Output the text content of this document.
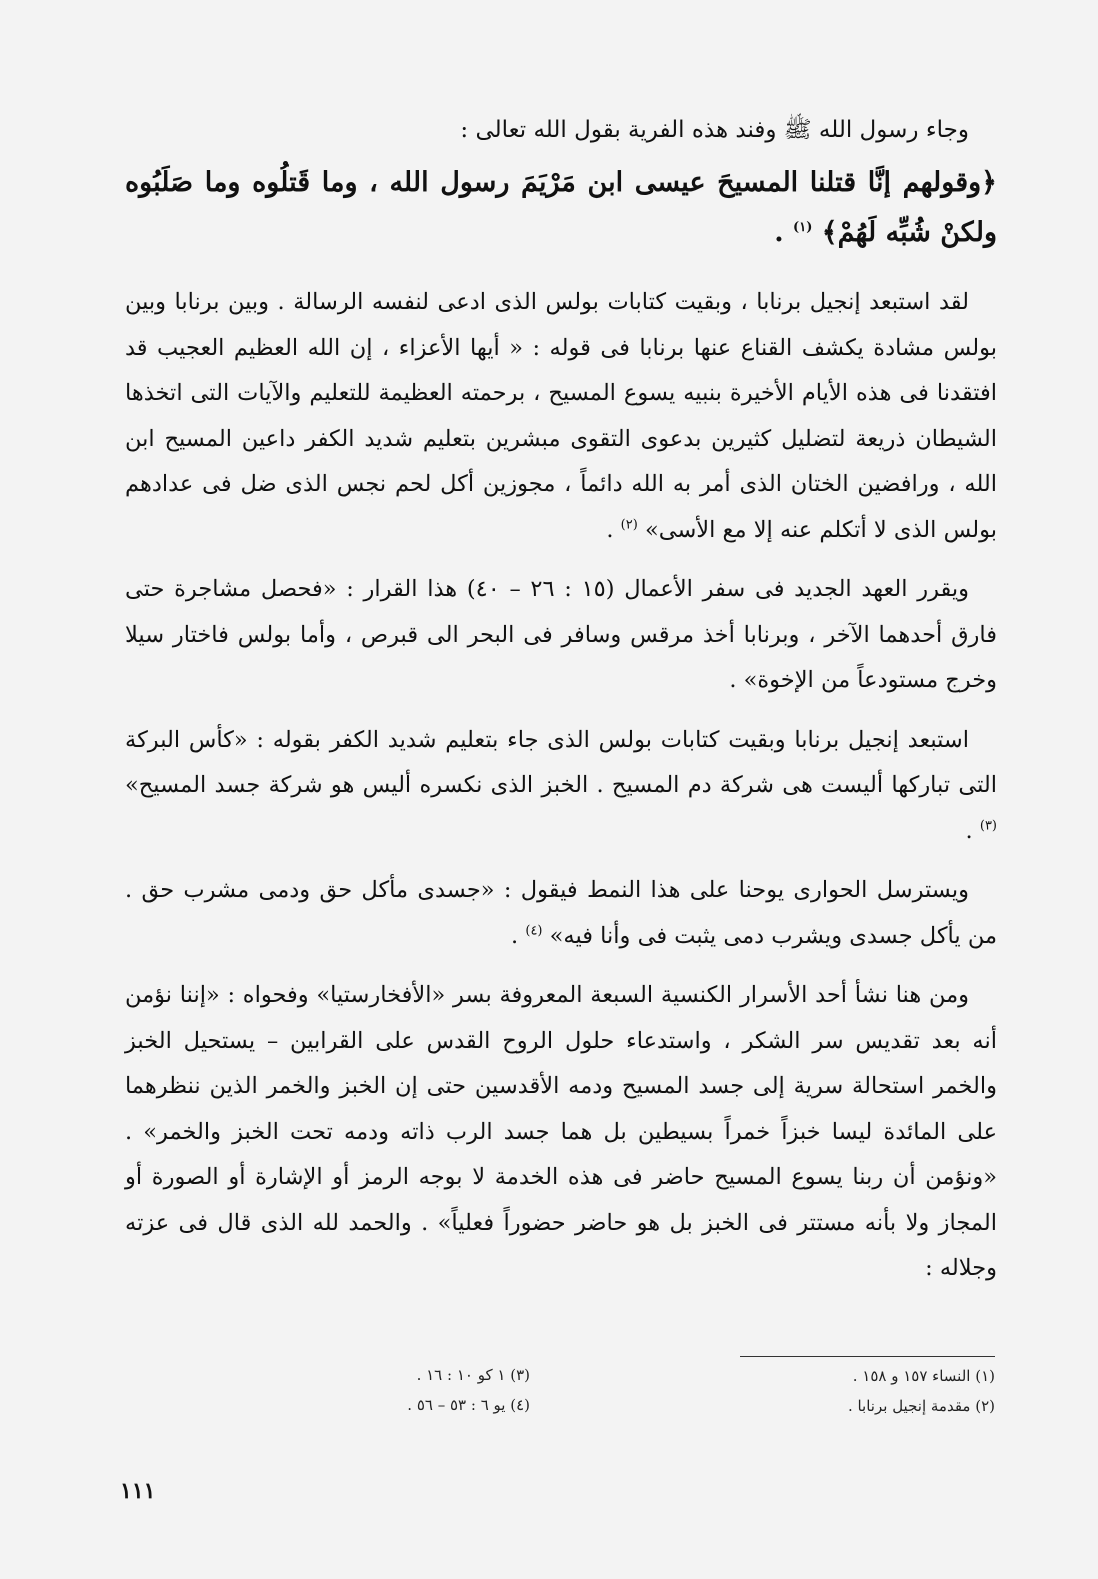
وجاء رسول الله ﷺ وفند هذه الفرية بقول الله تعالى :

﴿وقولهم إنَّا قتلنا المسيحَ عيسى ابن مَرْيَمَ رسول الله ، وما قَتلُوه وما صَلَبُوه ولكنْ شُبِّه لَهُمْ﴾ $^{(١)}$ .

لقد استبعد إنجيل برنابا ، وبقيت كتابات بولس الذى ادعى لنفسه الرسالة . وبين برنابا وبين بولس مشادة يكشف القناع عنها برنابا فى قوله : « أيها الأعزاء ، إن الله العظيم العجيب قد افتقدنا فى هذه الأيام الأخيرة بنبيه يسوع المسيح ، برحمته العظيمة للتعليم والآيات التى اتخذها الشيطان ذريعة لتضليل كثيرين بدعوى التقوى مبشرين بتعليم شديد الكفر داعين المسيح ابن الله ، ورافضين الختان الذى أمر به الله دائماً ، مجوزين أكل لحم نجس الذى ضل فى عدادهم بولس الذى لا أتكلم عنه إلا مع الأسى» $^{(٢)}$ .

ويقرر العهد الجديد فى سفر الأعمال (١٥ : ٢٦ – ٤٠) هذا القرار : «فحصل مشاجرة حتى فارق أحدهما الآخر ، وبرنابا أخذ مرقس وسافر فى البحر الى قبرص ، وأما بولس فاختار سيلا وخرج مستودعاً من الإخوة» .

استبعد إنجيل برنابا وبقيت كتابات بولس الذى جاء بتعليم شديد الكفر بقوله : «كأس البركة التى تباركها أليست هى شركة دم المسيح . الخبز الذى نكسره أليس هو شركة جسد المسيح» $^{(٣)}$ .

ويسترسل الحوارى يوحنا على هذا النمط فيقول : «جسدى مأكل حق ودمى مشرب حق . من يأكل جسدى ويشرب دمى يثبت فى وأنا فيه» $^{(٤)}$ .

ومن هنا نشأ أحد الأسرار الكنسية السبعة المعروفة بسر «الأفخارستيا» وفحواه : «إننا نؤمن أنه بعد تقديس سر الشكر ، واستدعاء حلول الروح القدس على القرابين – يستحيل الخبز والخمر استحالة سرية إلى جسد المسيح ودمه الأقدسين حتى إن الخبز والخمر الذين ننظرهما على المائدة ليسا خبزاً خمراً بسيطين بل هما جسد الرب ذاته ودمه تحت الخبز والخمر» . «ونؤمن أن ربنا يسوع المسيح حاضر فى هذه الخدمة لا بوجه الرمز أو الإشارة أو الصورة أو المجاز ولا بأنه مستتر فى الخبز بل هو حاضر حضوراً فعلياً» . والحمد لله الذى قال فى عزته وجلاله :

(١) النساء ١٥٧ و ١٥٨ .
(٢) مقدمة إنجيل برنابا .
(٣) ١ كو ١٠ : ١٦ .
(٤) يو ٦ : ٥٣ – ٥٦ .
١١١
